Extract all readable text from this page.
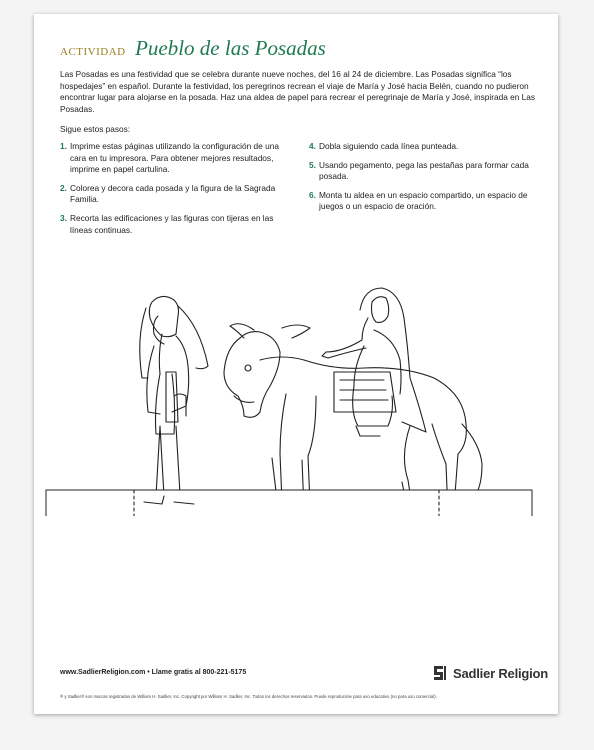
actividad Pueblo de las Posadas

Las Posadas es una festividad que se celebra durante nueve noches, del 16 al 24 de diciembre. Las Posadas significa “los hospedajes” en español. Durante la festividad, los peregrinos recrean el viaje de María y José hacia Belén, cuando no pudieron encontrar lugar para alojarse en la posada. Haz una aldea de papel para recrear el peregrinaje de María y José, inspirada en Las Posadas.

Sigue estos pasos:

1. Imprime estas páginas utilizando la configuración de una cara en tu impresora. Para obtener mejores resultados, imprime en papel cartulina.
2. Colorea y decora cada posada y la figura de la Sagrada Familia.
3. Recorta las edificaciones y las figuras con tijeras en las líneas continuas.
4. Dobla siguiendo cada línea punteada.
5. Usando pegamento, pega las pestañas para formar cada posada.
6. Monta tu aldea en un espacio compartido, un espacio de juegos o un espacio de oración.
www.SadlierReligion.com • Llame gratis al 800-221-5175	Sadlier Religion
® y Sadlier® son marcas registradas de William H. Sadlier, Inc. Copyright por William H. Sadlier, Inc. Todos los derechos reservados. Puede reproducirse para uso educativo (no para uso comercial).
